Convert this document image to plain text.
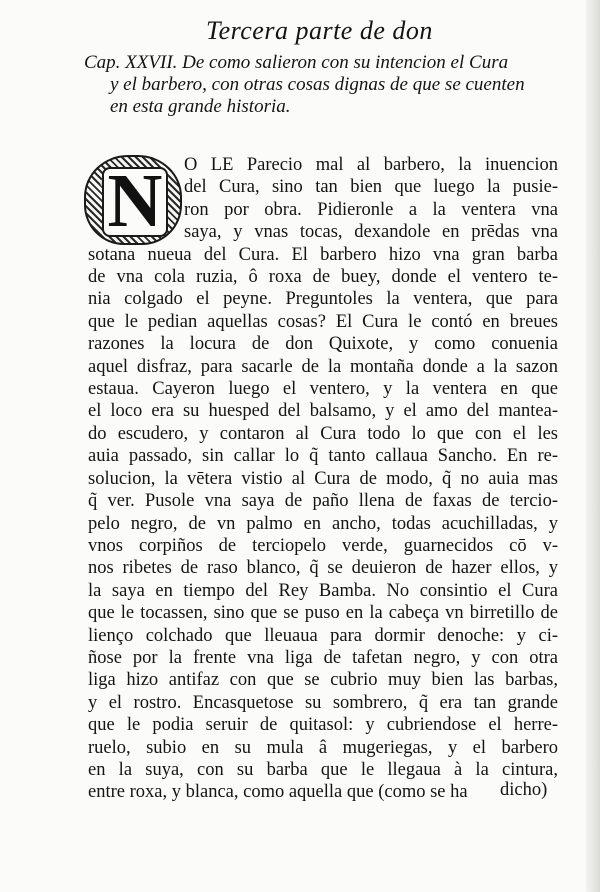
Tercera parte de don
Cap. XXVII. De como salieron con su intencion el Cura
y el barbero, con otras cosas dignas de que se cuenten
en esta grande historia.
N	O LE Parecio mal al barbero, la inuencion
del Cura, sino tan bien que luego la pusie-
ron por obra. Pidieronle a la ventera vna
saya, y vnas tocas, dexandole en prēdas vna
sotana nueua del Cura. El barbero hizo vna gran barba
de vna cola ruzia, ô roxa de buey, donde el ventero te-
nia colgado el peyne. Preguntoles la ventera, que para
que le pedian aquellas cosas? El Cura le contó en breues
razones la locura de don Quixote, y como conuenia
aquel disfraz, para sacarle de la montaña donde a la sazon
estaua. Cayeron luego el ventero, y la ventera en que
el loco era su huesped del balsamo, y el amo del mantea-
do escudero, y contaron al Cura todo lo que con el les
auia passado, sin callar lo q̃ tanto callaua Sancho. En re-
solucion, la vētera vistio al Cura de modo, q̃ no auia mas
q̃ ver. Pusole vna saya de paño llena de faxas de tercio-
pelo negro, de vn palmo en ancho, todas acuchilladas, y
vnos corpiños de terciopelo verde, guarnecidos cō v-
nos ribetes de raso blanco, q̃ se deuieron de hazer ellos, y
la saya en tiempo del Rey Bamba. No consintio el Cura
que le tocassen, sino que se puso en la cabeça vn birretillo de
lienço colchado que lleuaua para dormir denoche: y ci-
ñose por la frente vna liga de tafetan negro, y con otra
liga hizo antifaz con que se cubrio muy bien las barbas,
y el rostro. Encasquetose su sombrero, q̃ era tan grande
que le podia seruir de quitasol: y cubriendose el herre-
ruelo, subio en su mula â mugeriegas, y el barbero
en la suya, con su barba que le llegaua à la cintura,
entre roxa, y blanca, como aquella que (como se ha	dicho)
